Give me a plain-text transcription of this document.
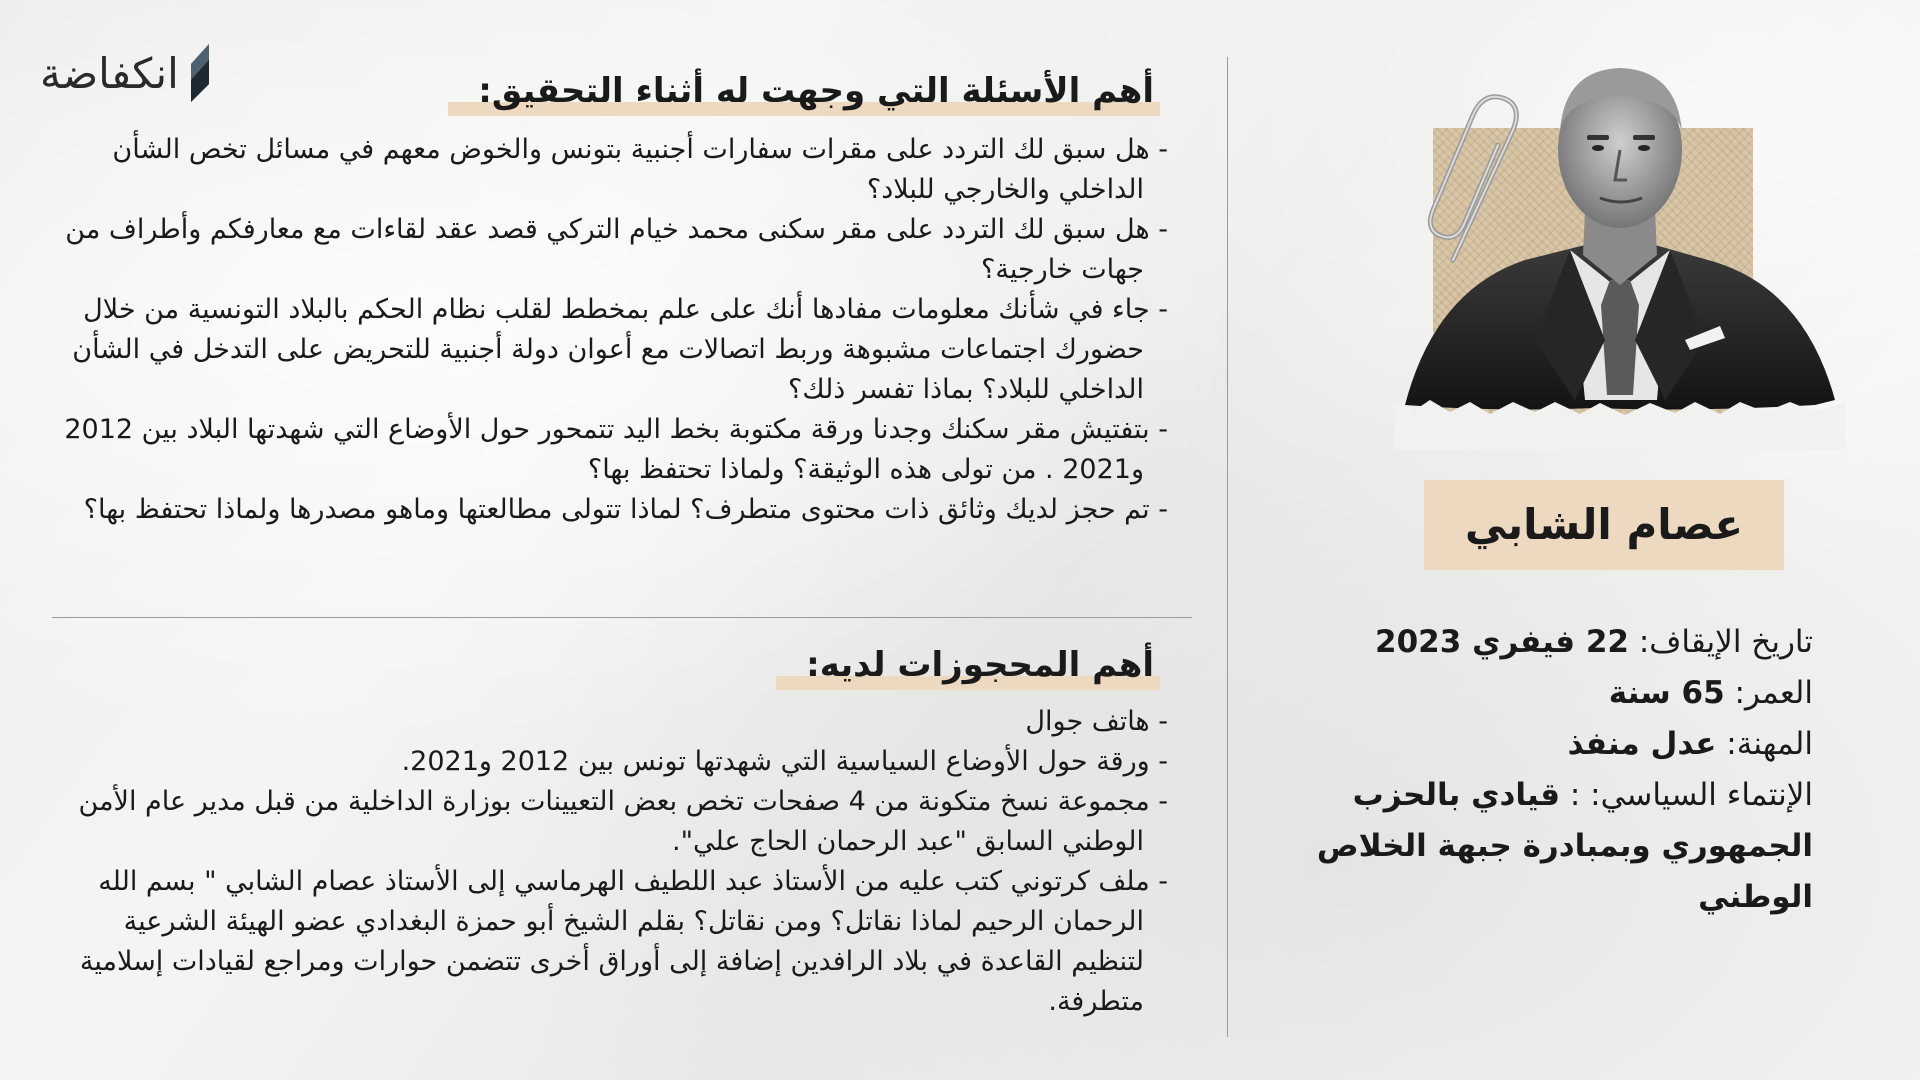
انكفاضة	أهم الأسئلة التي وجهت له أثناء التحقيق:
- هل سبق لك التردد على مقرات سفارات أجنبية بتونس والخوض معهم في مسائل تخص الشأن الداخلي والخارجي للبلاد؟
- هل سبق لك التردد على مقر سكنى محمد خيام التركي قصد عقد لقاءات مع معارفكم وأطراف من جهات خارجية؟
- جاء في شأنك معلومات مفادها أنك على علم بمخطط لقلب نظام الحكم بالبلاد التونسية من خلال حضورك اجتماعات مشبوهة وربط اتصالات مع أعوان دولة أجنبية للتحريض على التدخل في الشأن الداخلي للبلاد؟ بماذا تفسر ذلك؟
- بتفتيش مقر سكنك وجدنا ورقة مكتوبة بخط اليد تتمحور حول الأوضاع التي شهدتها البلاد بين 2012 و2021 . من تولى هذه الوثيقة؟ ولماذا تحتفظ بها؟
- تم حجز لديك وثائق ذات محتوى متطرف؟ لماذا تتولى مطالعتها وماهو مصدرها ولماذا تحتفظ بها؟
أهم المحجوزات لديه:
- هاتف جوال
- ورقة حول الأوضاع السياسية التي شهدتها تونس بين 2012 و2021.
- مجموعة نسخ متكونة من 4 صفحات تخص بعض التعيينات بوزارة الداخلية من قبل مدير عام الأمن الوطني السابق "عبد الرحمان الحاج علي".
- ملف كرتوني كتب عليه من الأستاذ عبد اللطيف الهرماسي إلى الأستاذ عصام الشابي " بسم الله الرحمان الرحيم لماذا نقاتل؟ ومن نقاتل؟ بقلم الشيخ أبو حمزة البغدادي عضو الهيئة الشرعية لتنظيم القاعدة في بلاد الرافدين إضافة إلى أوراق أخرى تتضمن حوارات ومراجع لقيادات إسلامية متطرفة.
عصام الشابي
تاريخ الإيقاف: 22 فيفري 2023
العمر: 65 سنة
المهنة: عدل منفذ
الإنتماء السياسي: : قيادي بالحزب الجمهوري وبمبادرة جبهة الخلاص الوطني
